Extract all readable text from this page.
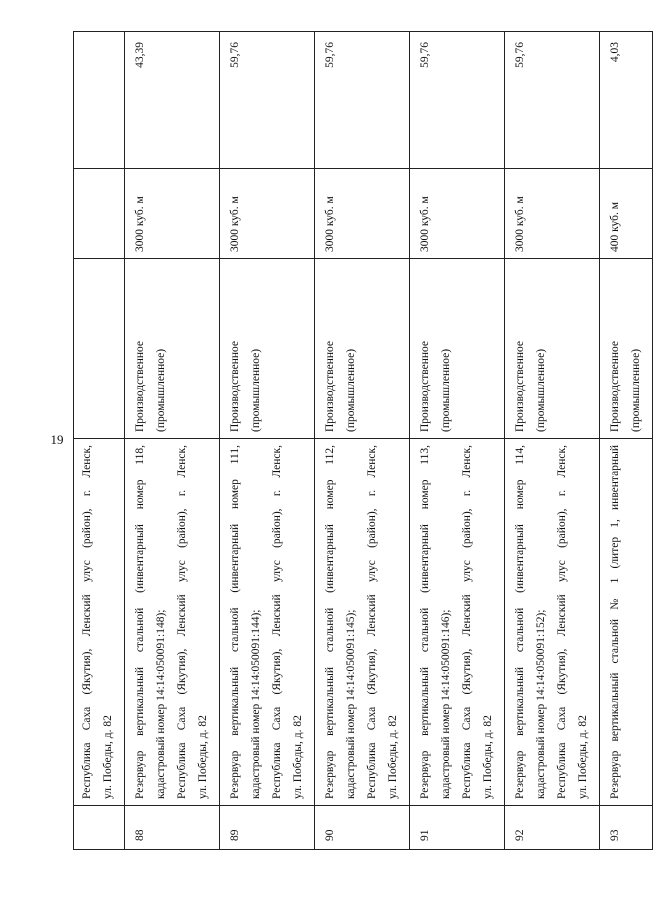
19

	Республика Саха (Якутия), Ленский улус (район), г. Ленск, ул. Победы, д. 82			

88	Резервуар вертикальный стальной (инвентарный номер 118, кадастровый номер 14:14:050091:148); Республика Саха (Якутия), Ленский улус (район), г. Ленск, ул. Победы, д. 82	Производственное (промышленное)	3000 куб. м	43,39
89	Резервуар вертикальный стальной (инвентарный номер 111, кадастровый номер 14:14:050091:144); Республика Саха (Якутия), Ленский улус (район), г. Ленск, ул. Победы, д. 82	Производственное (промышленное)	3000 куб. м	59,76
90	Резервуар вертикальный стальной (инвентарный номер 112, кадастровый номер 14:14:050091:145); Республика Саха (Якутия), Ленский улус (район), г. Ленск, ул. Победы, д. 82	Производственное (промышленное)	3000 куб. м	59,76
91	Резервуар вертикальный стальной (инвентарный номер 113, кадастровый номер 14:14:050091:146); Республика Саха (Якутия), Ленский улус (район), г. Ленск, ул. Победы, д. 82	Производственное (промышленное)	3000 куб. м	59,76
92	Резервуар вертикальный стальной (инвентарный номер 114, кадастровый номер 14:14:050091:152); Республика Саха (Якутия), Ленский улус (район), г. Ленск, ул. Победы, д. 82	Производственное (промышленное)	3000 куб. м	59,76
93	Резервуар вертикальный стальной № 1 (литер 1, инвентарный	Производственное (промышленное)	400 куб. м	4,03
